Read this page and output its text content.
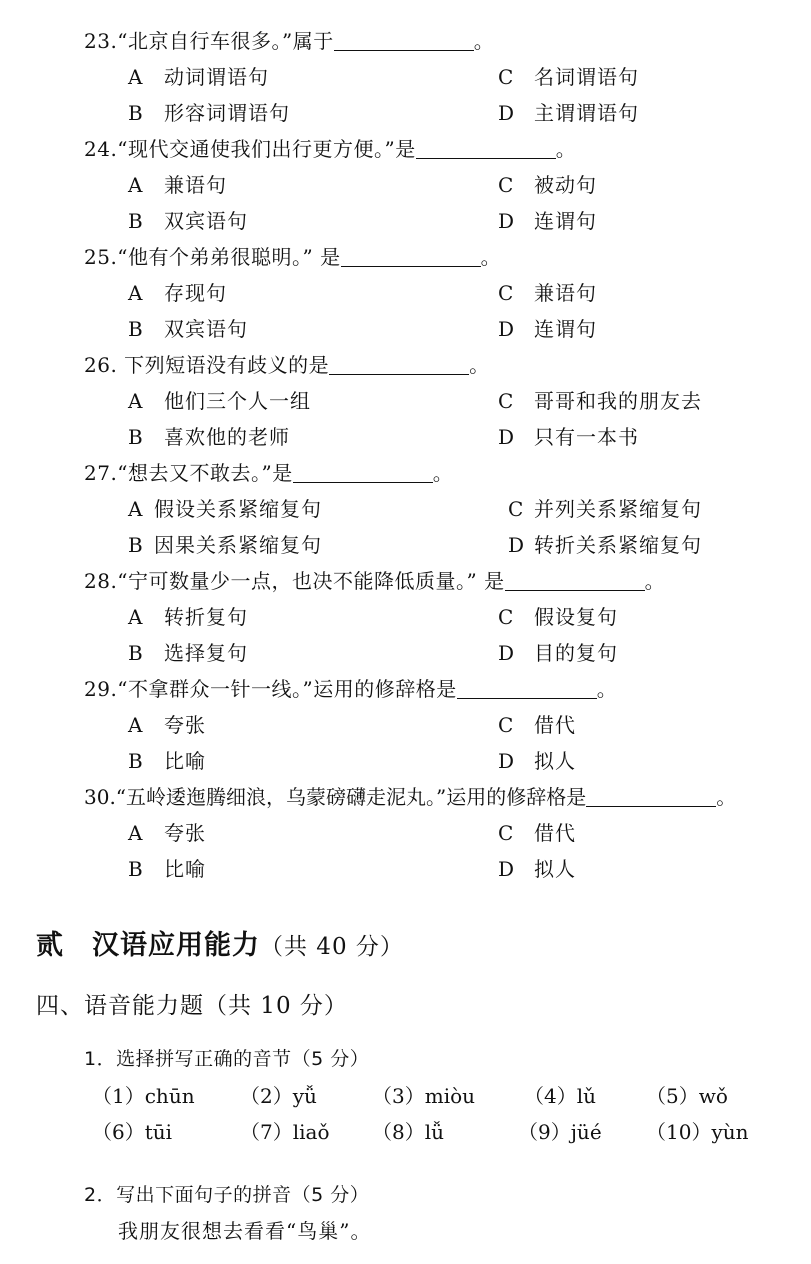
23.“北京自行车很多。”属于	。
A 动词谓语句
B 形容词谓语句
C 名词谓语句
D 主谓谓语句
24.“现代交通使我们出行更方便。”是	。
A 兼语句
B 双宾语句
C 被动句
D 连谓句
25.“他有个弟弟很聪明。” 是	。
A 存现句
B 双宾语句
C 兼语句
D 连谓句
26. 下列短语没有歧义的是	。
A 他们三个人一组
B 喜欢他的老师
C 哥哥和我的朋友去
D 只有一本书
27.“想去又不敢去。”是	。
A 假设关系紧缩复句
B 因果关系紧缩复句
C 并列关系紧缩复句
D 转折关系紧缩复句
28.“宁可数量少一点，也决不能降低质量。” 是	。
A 转折复句
B 选择复句
C 假设复句
D 目的复句
29.“不拿群众一针一线。”运用的修辞格是	。
A 夸张
B 比喻
C 借代
D 拟人
30.“五岭逶迤腾细浪，乌蒙磅礴走泥丸。”运用的修辞格是	。
A 夸张
B 比喻
C 借代
D 拟人
贰　汉语应用能力（共 40 分）
四、语音能力题（共 10 分）
1．选择拼写正确的音节（5 分）
（1）chūn （2）yǚ	（3）miòu （4）lǔ （5）wǒ
（6）tūi	（7）liaǒ （8）lǚ	（9）jüé （10）yùn
2．写出下面句子的拼音（5 分）
我朋友很想去看看“鸟巢”。
